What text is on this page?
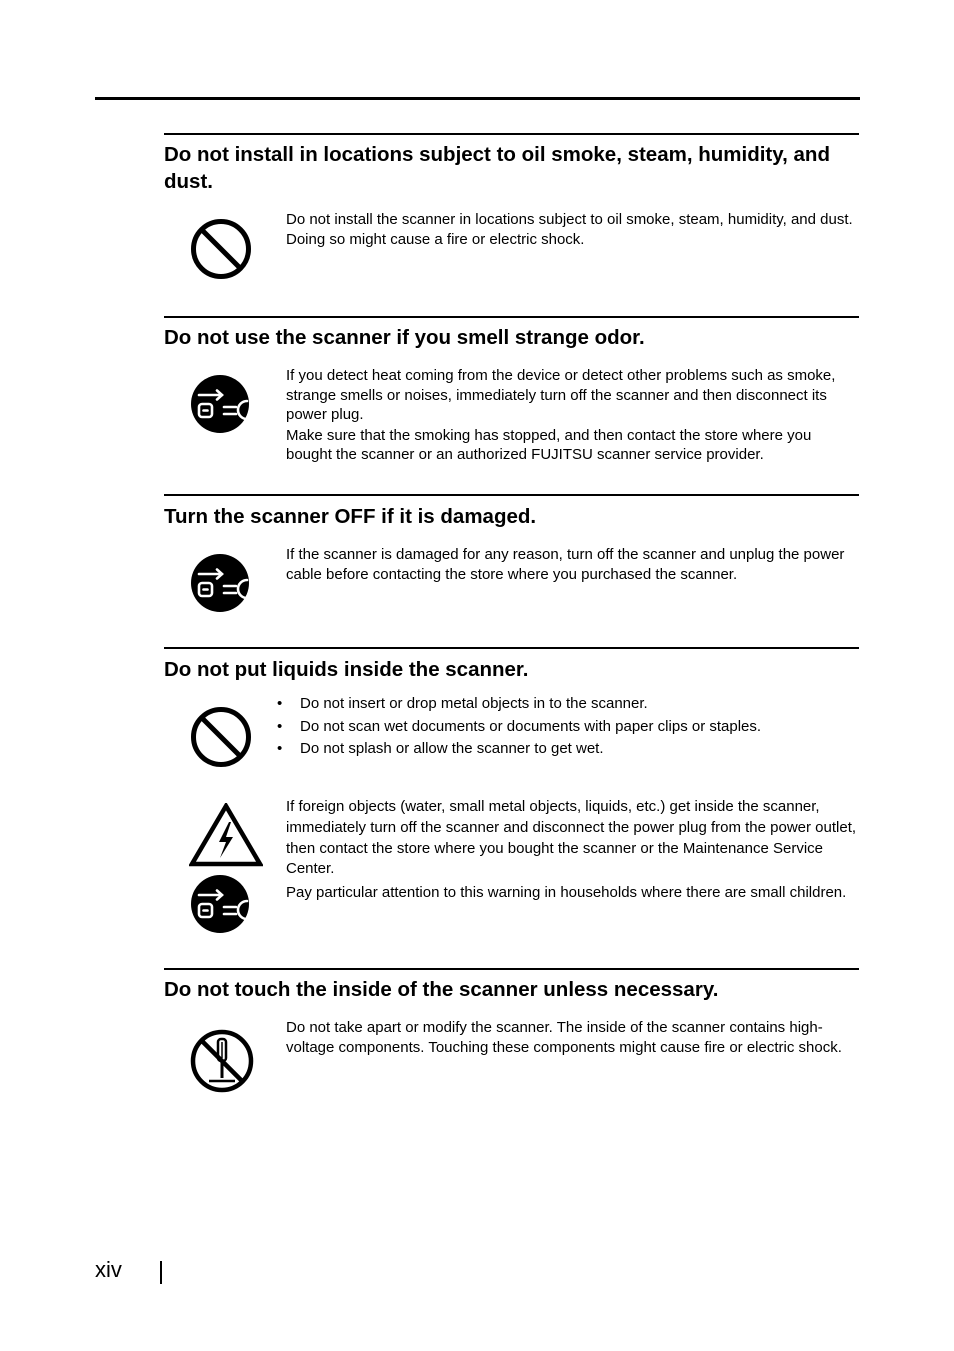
Do not install in locations subject to oil smoke, steam, humidity, and dust.

Do not install the scanner in locations subject to oil smoke, steam, humidity, and dust. Doing so might cause a fire or electric shock.

Do not use the scanner if you smell strange odor.

If you detect heat coming from the device or detect other problems such as smoke, strange smells or noises, immediately turn off the scanner and then disconnect its power plug.

Make sure that the smoking has stopped, and then contact the store where you bought the scanner or an authorized FUJITSU scanner service provider.

Turn the scanner OFF if it is damaged.

If the scanner is damaged for any reason, turn off the scanner and unplug the power cable before contacting the store where you purchased the scanner.

Do not put liquids inside the scanner.
• Do not insert or drop metal objects in to the scanner.
• Do not scan wet documents or documents with paper clips or staples.
• Do not splash or allow the scanner to get wet.

If foreign objects (water, small metal objects, liquids, etc.) get inside the scanner, immediately turn off the scanner and disconnect the power plug from the power outlet, then contact the store where you bought the scanner or the Maintenance Service Center.

Pay particular attention to this warning in households where there are small children.

Do not touch the inside of the scanner unless necessary.

Do not take apart or modify the scanner. The inside of the scanner contains high-voltage components. Touching these components might cause fire or electric shock.

xiv
